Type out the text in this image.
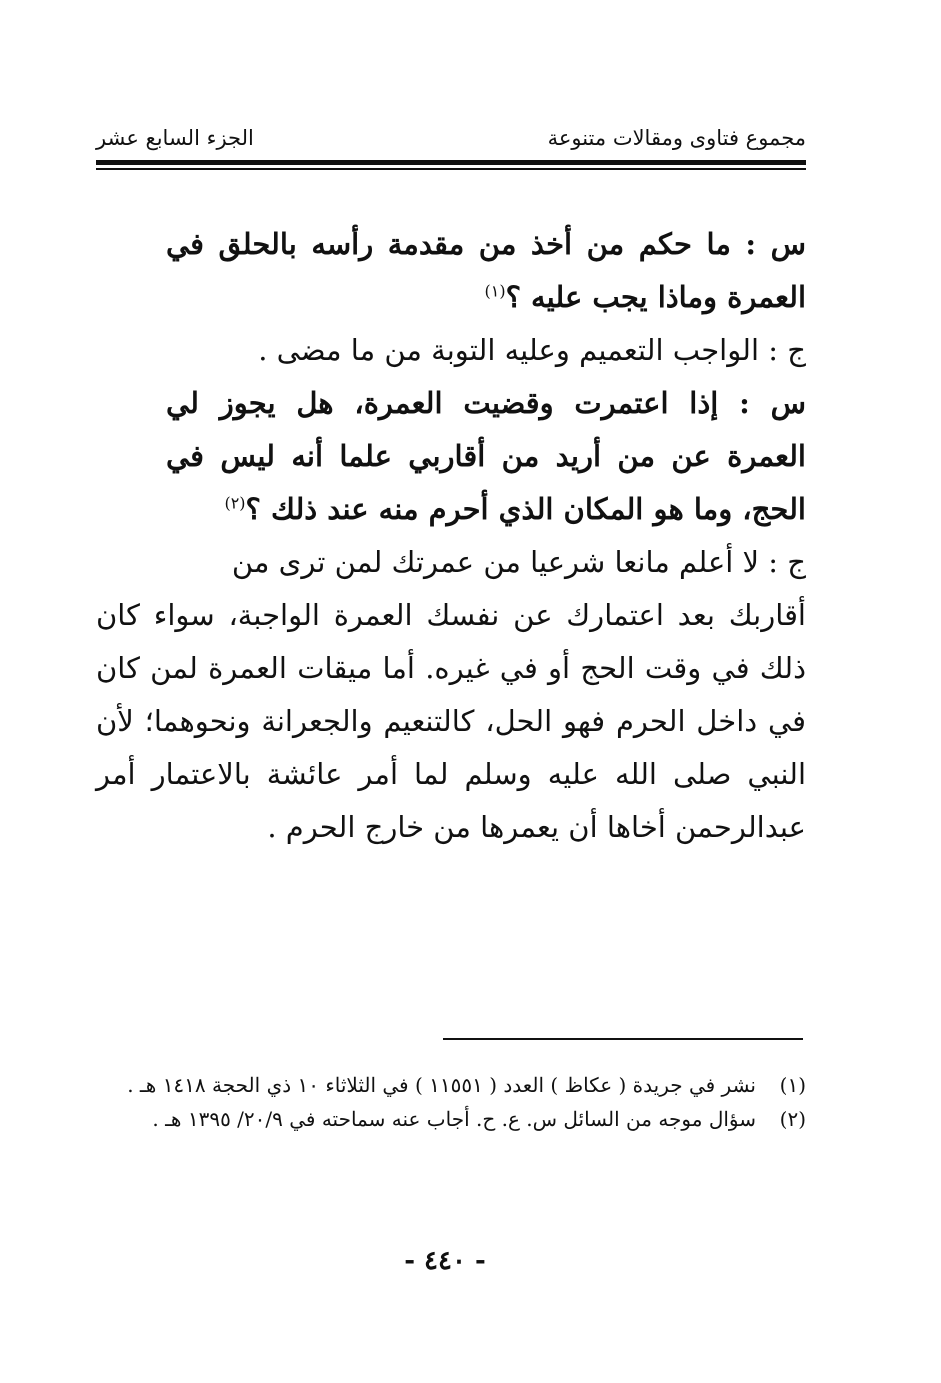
مجموع فتاوى ومقالات متنوعة
الجزء السابع عشر

س : ما حكم من أخذ من مقدمة رأسه بالحلق في العمرة وماذا يجب عليه ؟$^{(١)}$

ج : الواجب التعميم وعليه التوبة من ما مضى .

س : إذا اعتمرت وقضيت العمرة، هل يجوز لي العمرة عن من أريد من أقاربي علما أنه ليس في الحج، وما هو المكان الذي أحرم منه عند ذلك ؟$^{(٢)}$

ج : لا أعلم مانعا شرعيا من عمرتك لمن ترى من
أقاربك بعد اعتمارك عن نفسك العمرة الواجبة، سواء كان ذلك في وقت الحج أو في غيره. أما ميقات العمرة لمن كان في داخل الحرم فهو الحل، كالتنعيم والجعرانة ونحوهما؛ لأن النبي صلى الله عليه وسلم لما أمر عائشة بالاعتمار أمر عبدالرحمن أخاها أن يعمرها من خارج الحرم .

(١)
نشر في جريدة ( عكاظ ) العدد ( ١١٥٥١ ) في الثلاثاء ١٠ ذي الحجة ١٤١٨ هـ .

(٢)
سؤال موجه من السائل س. ع. ح. أجاب عنه سماحته في ٢٠/٩/ ١٣٩٥ هـ .

- ٤٤٠ -
